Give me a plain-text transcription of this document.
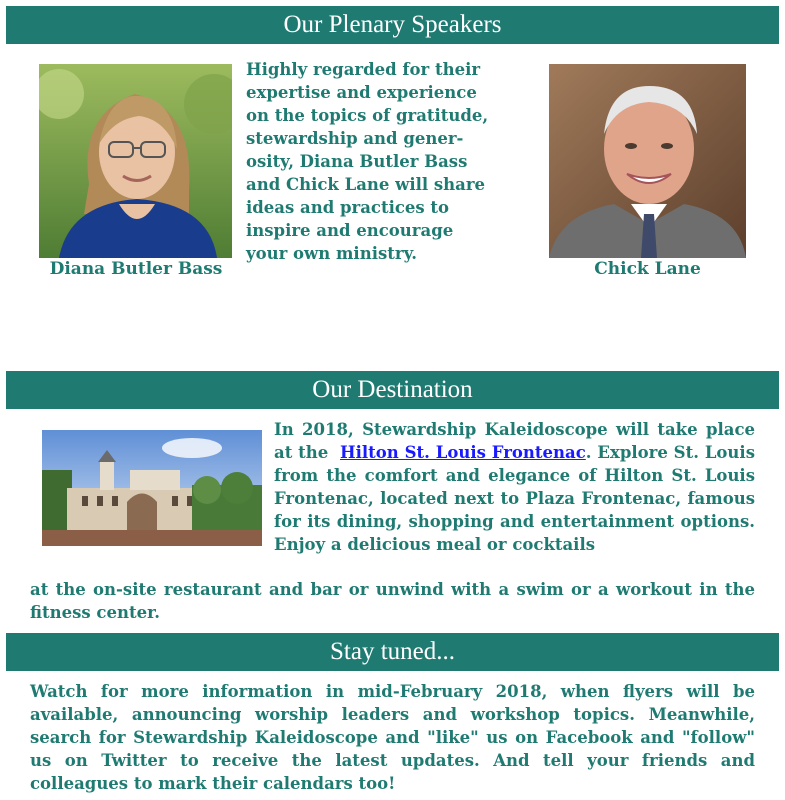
Our Plenary Speakers
Diana Butler Bass
Highly regarded for their
expertise and experience
on the topics of gratitude,
stewardship and gener-
osity, Diana Butler Bass
and Chick Lane will share
ideas and practices to
inspire and encourage
your own ministry.
Chick Lane
Our Destination

In 2018, Stewardship Kaleidoscope will take place at the Hilton St. Louis Frontenac. Explore St. Louis from the comfort and elegance of Hilton St. Louis Frontenac, located next to Plaza Frontenac, famous for its dining, shopping and entertainment options. Enjoy a delicious meal or cocktails

at the on-site restaurant and bar or unwind with a swim or a workout in the fitness center.

Stay tuned...

Watch for more information in mid-February 2018, when flyers will be available, announcing worship leaders and workshop topics. Meanwhile, search for Stewardship Kaleidoscope and "like" us on Facebook and "follow" us on Twitter to receive the latest updates. And tell your friends and colleagues to mark their calendars too!
